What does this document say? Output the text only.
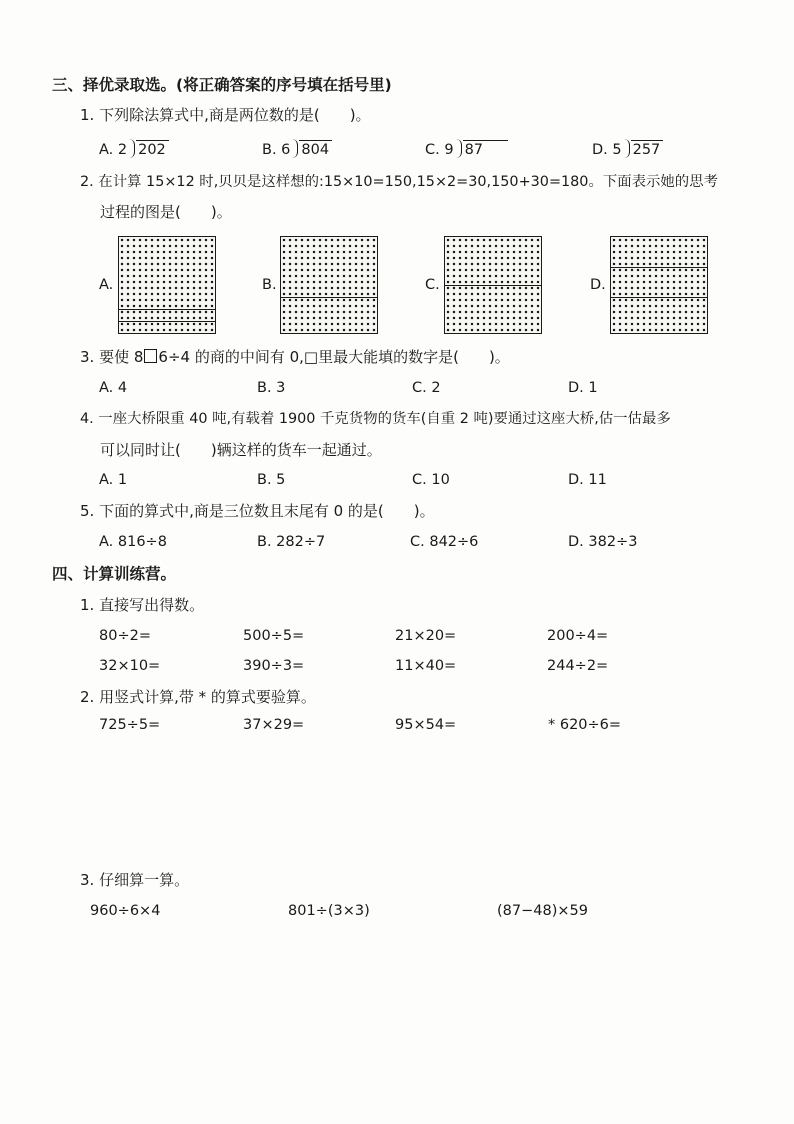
三、择优录取选。(将正确答案的序号填在括号里)
1. 下列除法算式中,商是两位数的是( )。
A. 2 202	B. 6 804	C. 9 87	D. 5 257
2. 在计算 15×12 时,贝贝是这样想的:15×10=150,15×2=30,150+30=180。下面表示她的思考
过程的图是( )。
A.	B.	C.	D.
3. 要使 8 6÷4 的商的中间有 0,□里最大能填的数字是( )。
A. 4	B. 3	C. 2	D. 1
4. 一座大桥限重 40 吨,有载着 1900 千克货物的货车(自重 2 吨)要通过这座大桥,估一估最多
可以同时让( )辆这样的货车一起通过。
A. 1	B. 5	C. 10	D. 11
5. 下面的算式中,商是三位数且末尾有 0 的是( )。
A. 816÷8	B. 282÷7	C. 842÷6	D. 382÷3
四、计算训练营。
1. 直接写出得数。
80÷2=	500÷5=	21×20=	200÷4=
32×10=	390÷3=	11×40=	244÷2=
2. 用竖式计算,带 * 的算式要验算。
725÷5=	37×29=	95×54=	* 620÷6=
3. 仔细算一算。
960÷6×4	801÷(3×3)	(87−48)×59
